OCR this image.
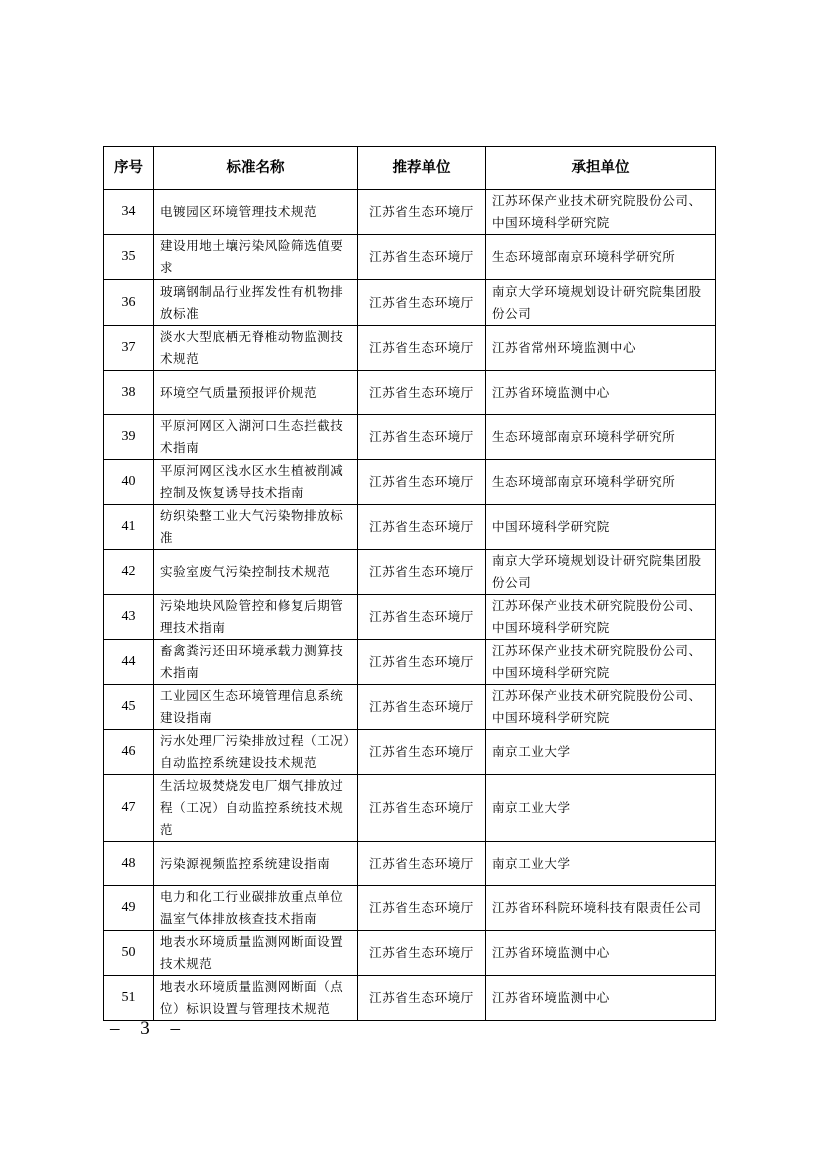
序号	标准名称	推荐单位	承担单位
34	电镀园区环境管理技术规范	江苏省生态环境厅	江苏环保产业技术研究院股份公司、中国环境科学研究院
35	建设用地土壤污染风险筛选值要求	江苏省生态环境厅	生态环境部南京环境科学研究所
36	玻璃钢制品行业挥发性有机物排放标准	江苏省生态环境厅	南京大学环境规划设计研究院集团股份公司
37	淡水大型底栖无脊椎动物监测技术规范	江苏省生态环境厅	江苏省常州环境监测中心
38	环境空气质量预报评价规范	江苏省生态环境厅	江苏省环境监测中心
39	平原河网区入湖河口生态拦截技术指南	江苏省生态环境厅	生态环境部南京环境科学研究所
40	平原河网区浅水区水生植被削减控制及恢复诱导技术指南	江苏省生态环境厅	生态环境部南京环境科学研究所
41	纺织染整工业大气污染物排放标准	江苏省生态环境厅	中国环境科学研究院
42	实验室废气污染控制技术规范	江苏省生态环境厅	南京大学环境规划设计研究院集团股份公司
43	污染地块风险管控和修复后期管理技术指南	江苏省生态环境厅	江苏环保产业技术研究院股份公司、中国环境科学研究院
44	畜禽粪污还田环境承载力测算技术指南	江苏省生态环境厅	江苏环保产业技术研究院股份公司、中国环境科学研究院
45	工业园区生态环境管理信息系统建设指南	江苏省生态环境厅	江苏环保产业技术研究院股份公司、中国环境科学研究院
46	污水处理厂污染排放过程（工况）自动监控系统建设技术规范	江苏省生态环境厅	南京工业大学
47	生活垃圾焚烧发电厂烟气排放过程（工况）自动监控系统技术规范	江苏省生态环境厅	南京工业大学
48	污染源视频监控系统建设指南	江苏省生态环境厅	南京工业大学
49	电力和化工行业碳排放重点单位温室气体排放核查技术指南	江苏省生态环境厅	江苏省环科院环境科技有限责任公司
50	地表水环境质量监测网断面设置技术规范	江苏省生态环境厅	江苏省环境监测中心
51	地表水环境质量监测网断面（点位）标识设置与管理技术规范	江苏省生态环境厅	江苏省环境监测中心
– 3 –
